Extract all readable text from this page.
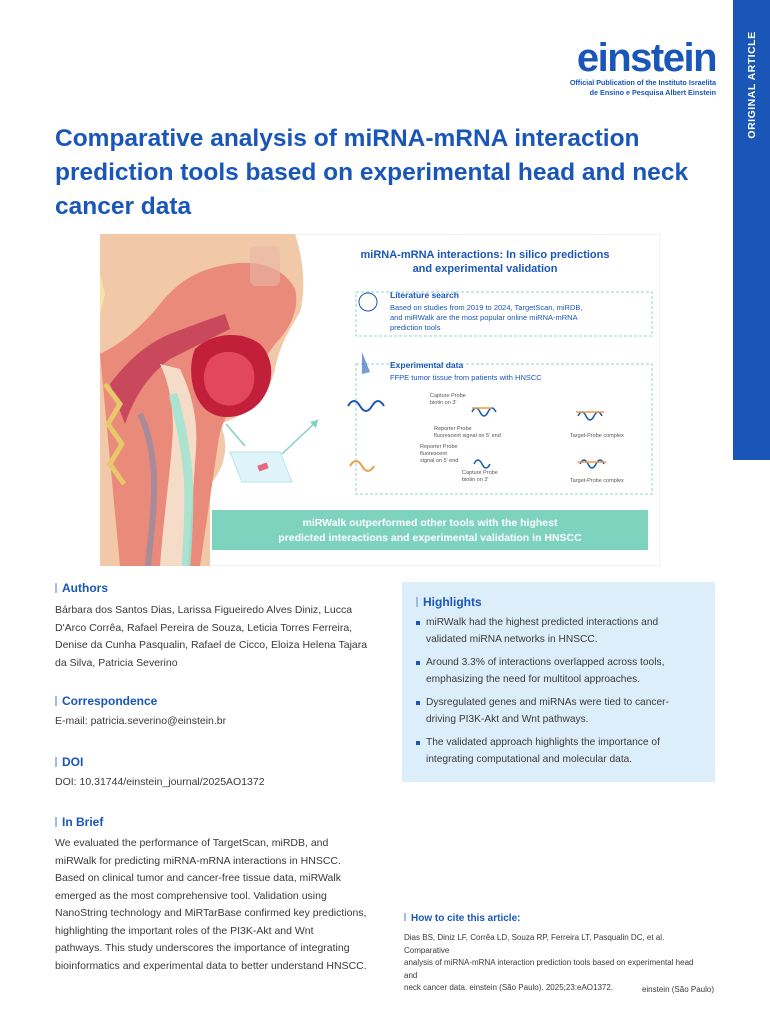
ORIGINAL ARTICLE
einstein
Official Publication of the Instituto Israelita
de Ensino e Pesquisa Albert Einstein
Comparative analysis of miRNA-mRNA interaction prediction tools based on experimental head and neck cancer data
miRNA-mRNA interactions: In silico predictions
and experimental validation
Literature search
Based on studies from 2019 to 2024, TargetScan, miRDB,
and miRWalk are the most popular online miRNA-mRNA
prediction tools
Experimental data
FFPE tumor tissue from patients with HNSCC
Capture Probe
biotin on 3'
Reporter Probe
fluorescent signal on 5' end	Target-Probe complex
Reporter Probe
fluorescent
signal on 5' end
Capture Probe
biotin on 3'	Target-Probe complex
miRWalk outperformed other tools with the highest
predicted interactions and experimental validation in HNSCC
Authors
Bárbara dos Santos Dias, Larissa Figueiredo Alves Diniz, Lucca
D'Arco Corrêa, Rafael Pereira de Souza, Leticia Torres Ferreira,
Denise da Cunha Pasqualin, Rafael de Cicco, Eloiza Helena Tajara
da Silva, Patricia Severino
Correspondence
E-mail: patricia.severino@einstein.br
DOI
DOI: 10.31744/einstein_journal/2025AO1372
In Brief
We evaluated the performance of TargetScan, miRDB, and
miRWalk for predicting miRNA-mRNA interactions in HNSCC.
Based on clinical tumor and cancer-free tissue data, miRWalk
emerged as the most comprehensive tool. Validation using
NanoString technology and MiRTarBase confirmed key predictions,
highlighting the important roles of the PI3K-Akt and Wnt
pathways. This study underscores the importance of integrating
bioinformatics and experimental data to better understand HNSCC.
Highlights
miRWalk had the highest predicted interactions and
validated miRNA networks in HNSCC.
Around 3.3% of interactions overlapped across tools,
emphasizing the need for multitool approaches.
Dysregulated genes and miRNAs were tied to cancer-
driving PI3K-Akt and Wnt pathways.
The validated approach highlights the importance of
integrating computational and molecular data.
How to cite this article:
Dias BS, Diniz LF, Corrêa LD, Souza RP, Ferreira LT, Pasqualin DC, et al. Comparative
analysis of miRNA-mRNA interaction prediction tools based on experimental head and
neck cancer data. einstein (São Paulo). 2025;23:eAO1372.	einstein (São Paulo)
